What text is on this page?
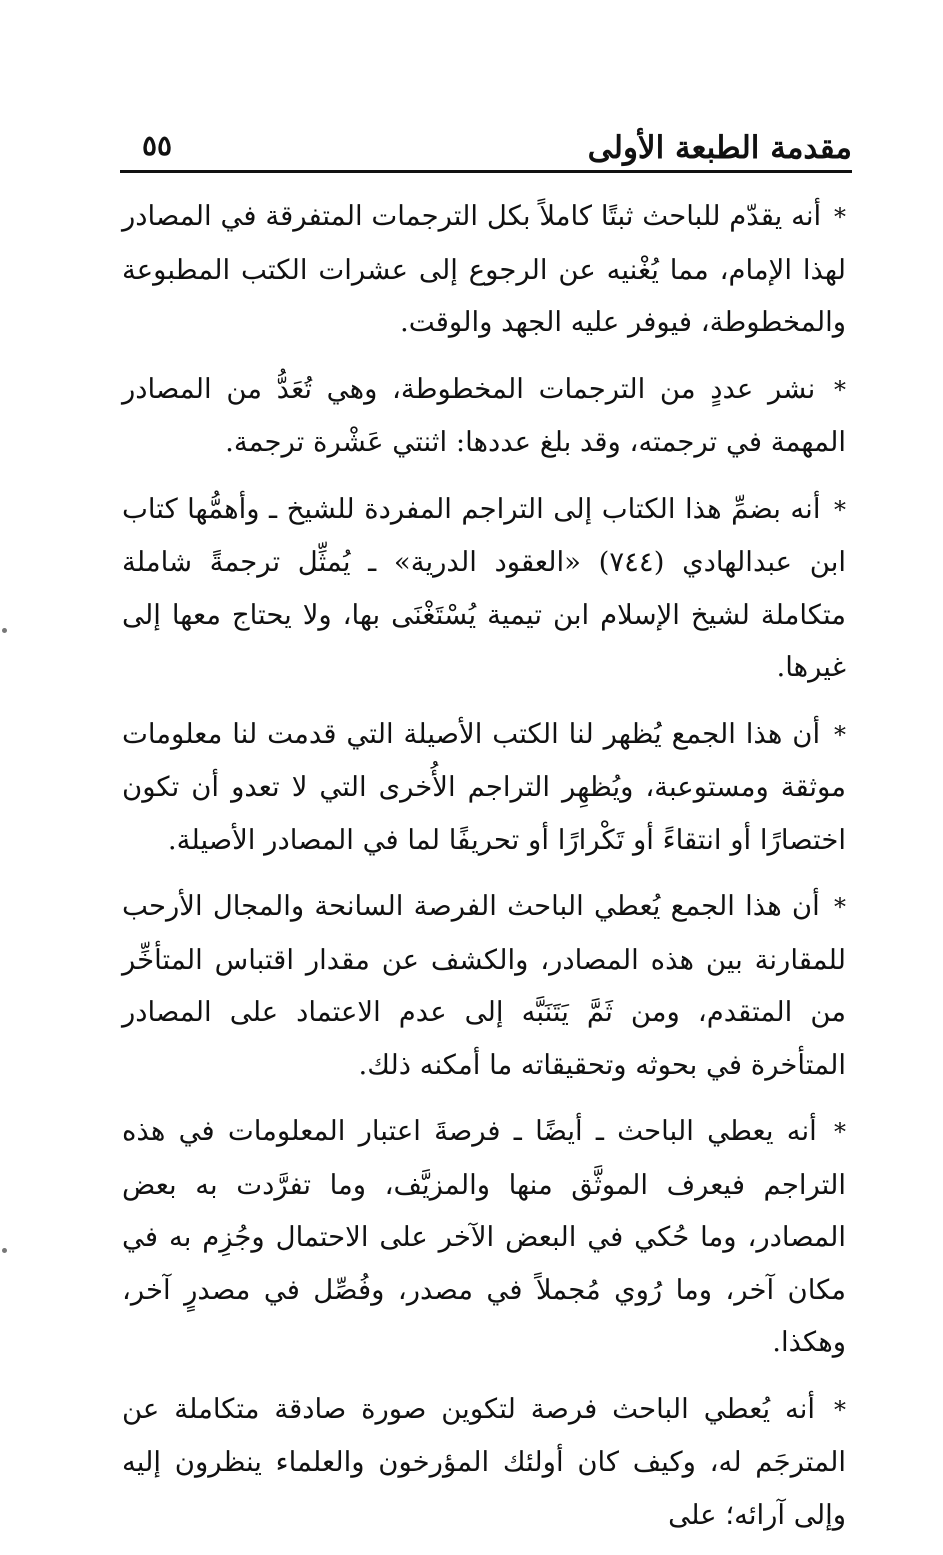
مقدمة الطبعة الأولى
٥٥

* أنه يقدّم للباحث ثبتًا كاملاً بكل الترجمات المتفرقة في المصادر لهذا الإمام، مما يُغْنيه عن الرجوع إلى عشرات الكتب المطبوعة والمخطوطة، فيوفر عليه الجهد والوقت.

* نشر عددٍ من الترجمات المخطوطة، وهي تُعَدُّ من المصادر المهمة في ترجمته، وقد بلغ عددها: اثنتي عَشْرة ترجمة.

* أنه بضمِّ هذا الكتاب إلى التراجم المفردة للشيخ ـ وأهمُّها كتاب ابن عبدالهادي (٧٤٤) «العقود الدرية» ـ يُمثِّل ترجمةً شاملة متكاملة لشيخ الإسلام ابن تيمية يُسْتَغْنَى بها، ولا يحتاج معها إلى غيرها.

* أن هذا الجمع يُظهر لنا الكتب الأصيلة التي قدمت لنا معلومات موثقة ومستوعبة، ويُظهِر التراجم الأُخرى التي لا تعدو أن تكون اختصارًا أو انتقاءً أو تَكْرارًا أو تحريفًا لما في المصادر الأصيلة.

* أن هذا الجمع يُعطي الباحث الفرصة السانحة والمجال الأرحب للمقارنة بين هذه المصادر، والكشف عن مقدار اقتباس المتأخِّر من المتقدم، ومن ثَمَّ يَتَنَبَّه إلى عدم الاعتماد على المصادر المتأخرة في بحوثه وتحقيقاته ما أمكنه ذلك.

* أنه يعطي الباحث ـ أيضًا ـ فرصةَ اعتبار المعلومات في هذه التراجم فيعرف الموثَّق منها والمزيَّف، وما تفرَّدت به بعض المصادر، وما حُكي في البعض الآخر على الاحتمال وجُزِم به في مكان آخر، وما رُوي مُجملاً في مصدر، وفُصِّل في مصدرٍ آخر، وهكذا.

* أنه يُعطي الباحث فرصة لتكوين صورة صادقة متكاملة عن المترجَم له، وكيف كان أولئك المؤرخون والعلماء ينظرون إليه وإلى آرائه؛ على
